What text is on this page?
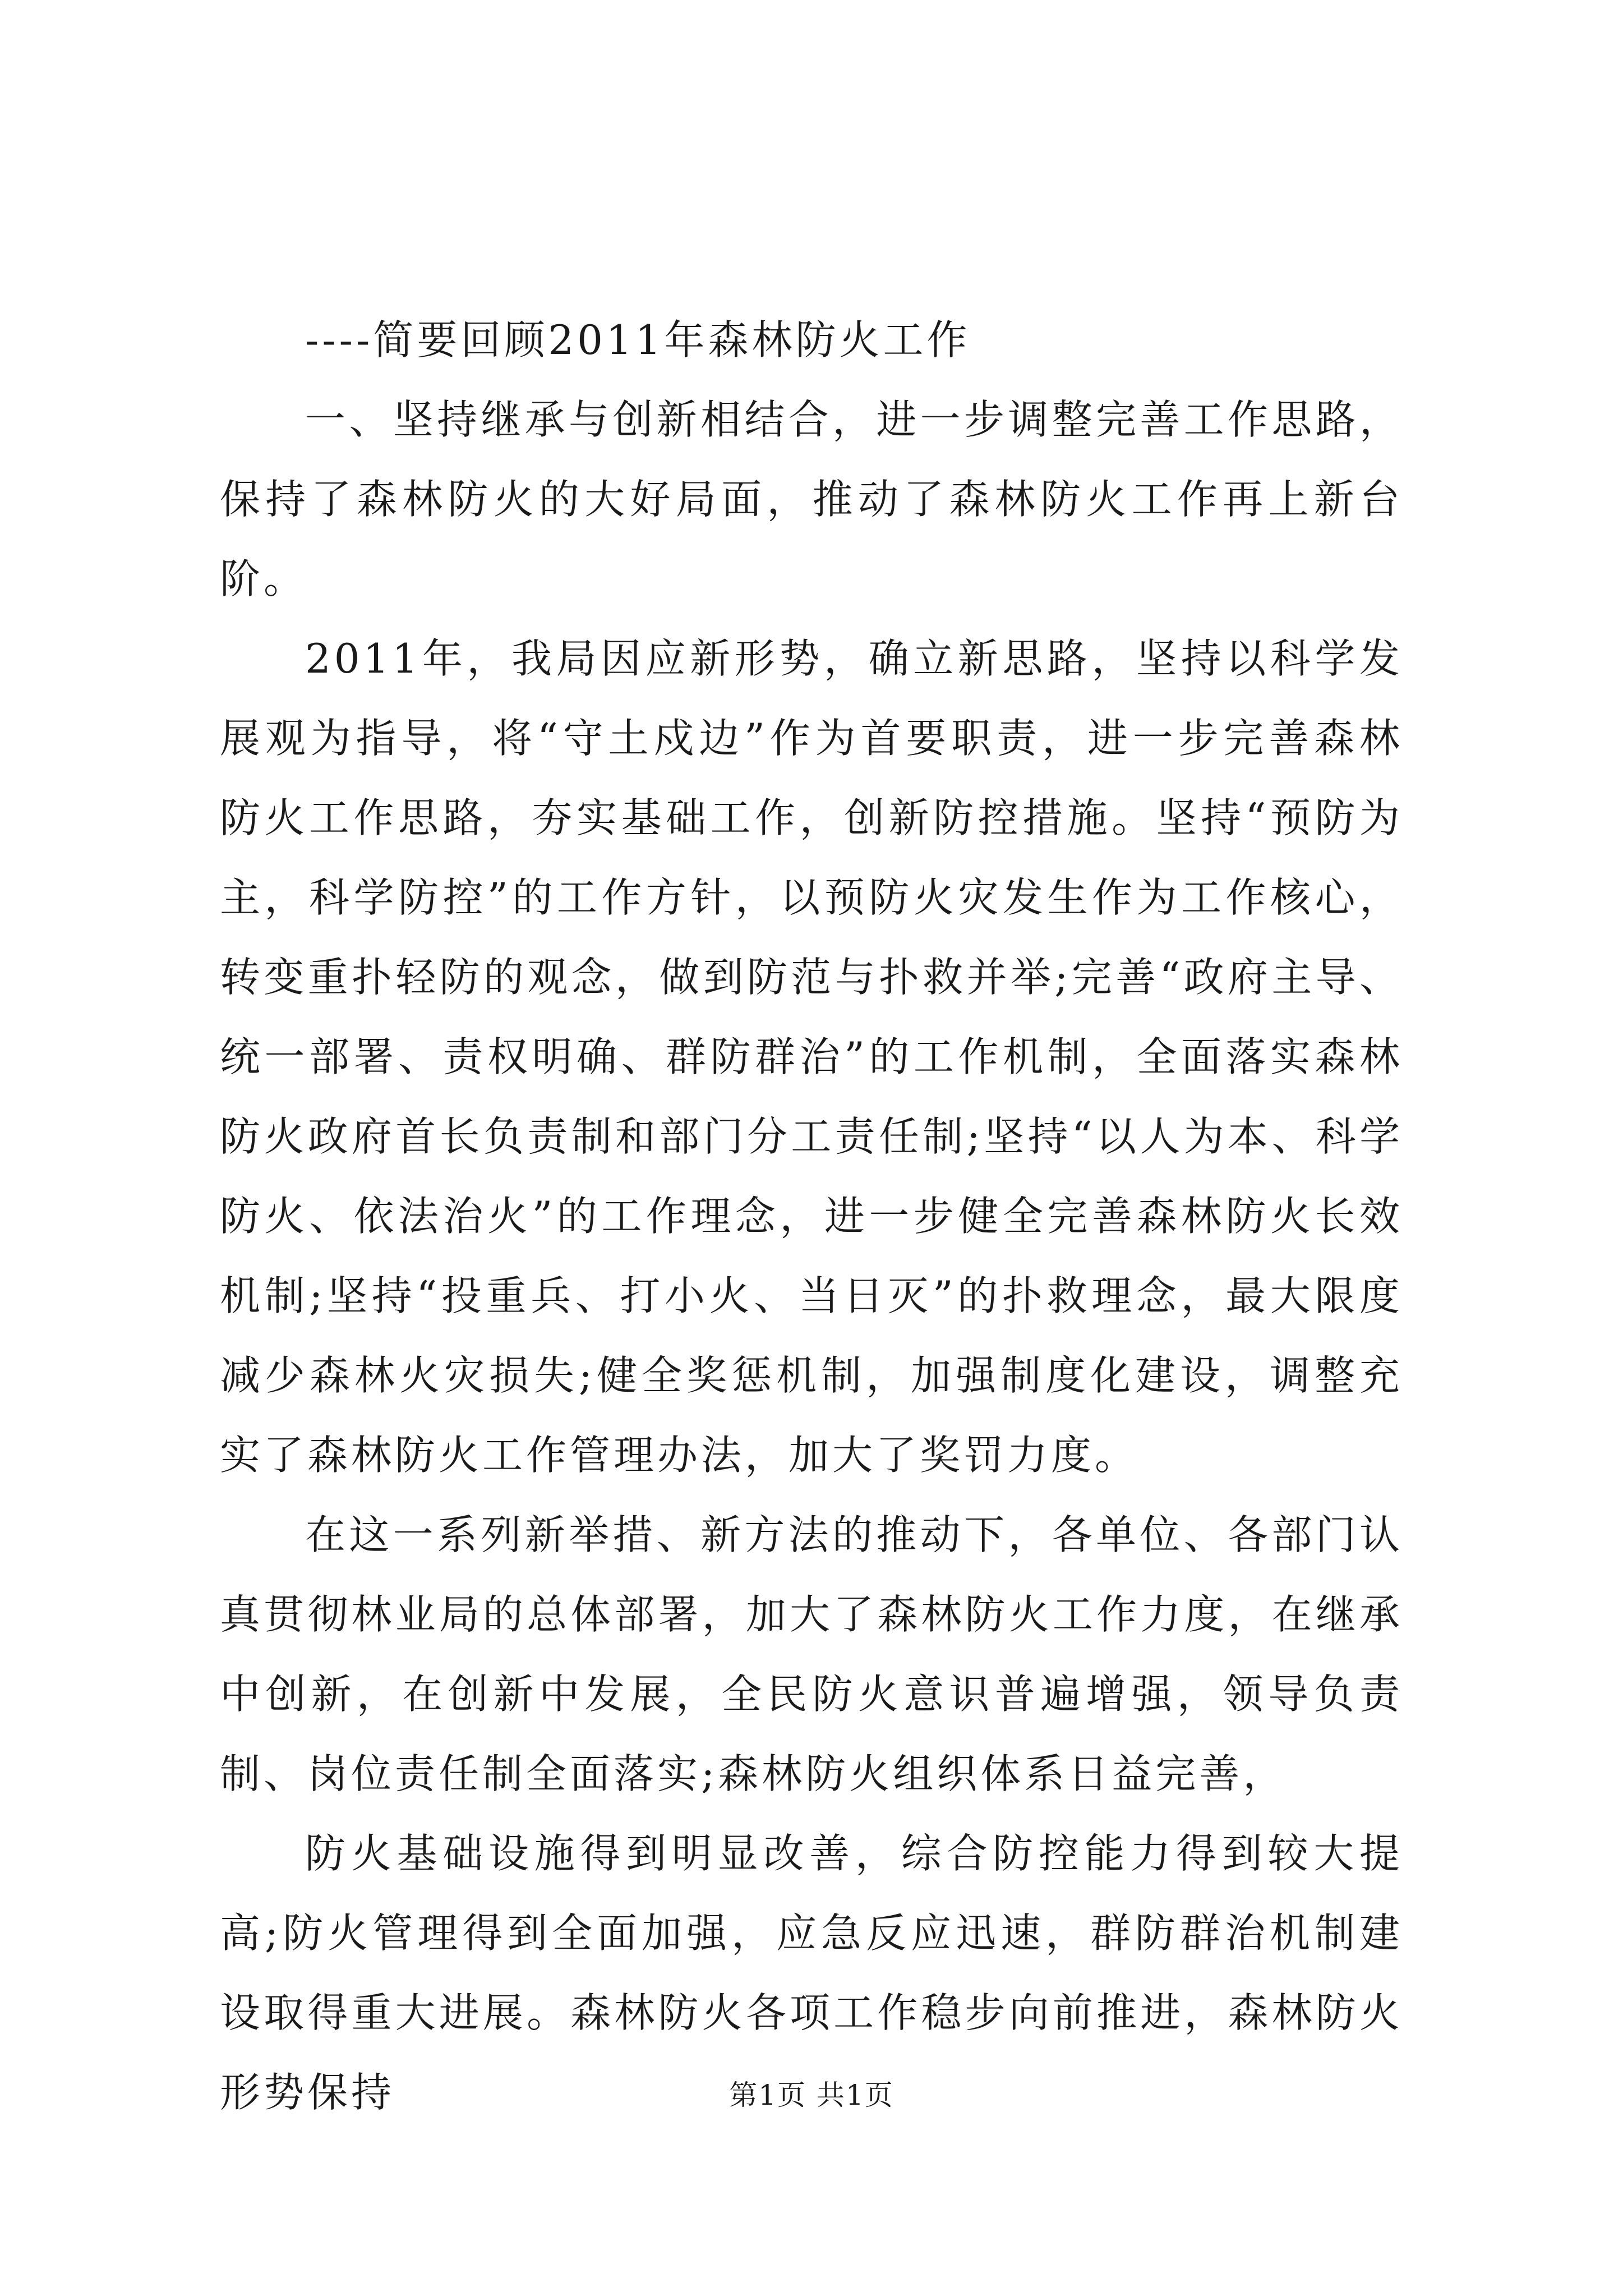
----简要回顾2011年森林防火工作

一、坚持继承与创新相结合，进一步调整完善工作思路，保持了森林防火的大好局面，推动了森林防火工作再上新台阶。

2011年，我局因应新形势，确立新思路，坚持以科学发展观为指导，将“守土戍边”作为首要职责，进一步完善森林防火工作思路，夯实基础工作，创新防控措施。坚持“预防为主，科学防控”的工作方针，以预防火灾发生作为工作核心，转变重扑轻防的观念，做到防范与扑救并举;完善“政府主导、统一部署、责权明确、群防群治”的工作机制，全面落实森林防火政府首长负责制和部门分工责任制;坚持“以人为本、科学防火、依法治火”的工作理念，进一步健全完善森林防火长效机制;坚持“投重兵、打小火、当日灭”的扑救理念，最大限度减少森林火灾损失;健全奖惩机制，加强制度化建设，调整充实了森林防火工作管理办法，加大了奖罚力度。

在这一系列新举措、新方法的推动下，各单位、各部门认真贯彻林业局的总体部署，加大了森林防火工作力度，在继承中创新，在创新中发展，全民防火意识普遍增强，领导负责制、岗位责任制全面落实;森林防火组织体系日益完善，

防火基础设施得到明显改善，综合防控能力得到较大提高;防火管理得到全面加强，应急反应迅速，群防群治机制建设取得重大进展。森林防火各项工作稳步向前推进，森林防火形势保持	第1页 共1页
